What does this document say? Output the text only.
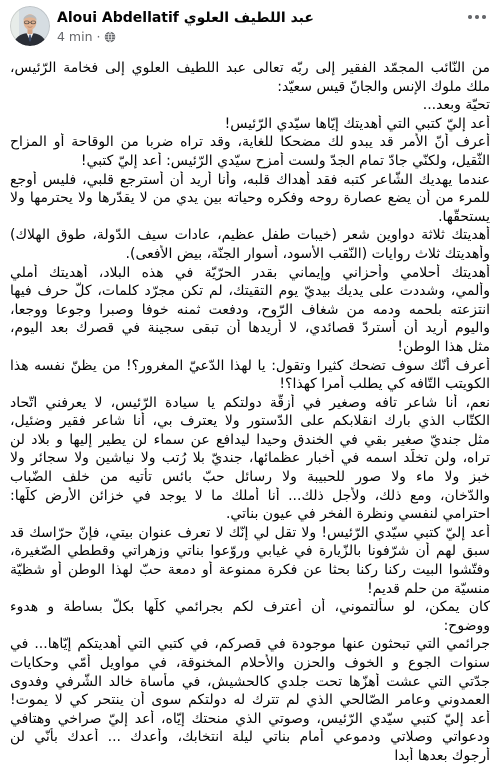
Aloui Abdellatif عبد اللطيف العلوي
4 min ·
من النّائب المجمّد الفقير إلى ربّه تعالى عبد اللطيف العلوي إلى فخامة الرّئيس،
ملك ملوك الإنس والجانّ قيس سعيّد:
تحيّة وبعد...
أعد إليّ كتبي التي أهديتك إيّاها سيّدي الرّئيس!
أعرف أنّ الأمر قد يبدو لك مضحكا للغاية، وقد تراه ضربا من الوقاحة أو المزاح
الثّقيل، ولكنّي جادّ تمام الجدّ ولست أمزح سيّدي الرّئيس: أعد إليّ كتبي!
عندما يهديك الشّاعر كتبه فقد أهداك قلبه، وأنا أريد أن أسترجع قلبي، فليس أوجع
للمرء من أن يضع عصارة روحه وفكره وحياته بين يدي من لا يقدّرها ولا يحترمها ولا
يستحقّها.
أهديتك ثلاثة دواوين شعر (خيبات طفل عظيم، عادات سيف الدّولة، طوق الهلاك)
وأهديتك ثلاث روايات (النّقب الأسود، أسوار الجنّة، بيض الأفعى).
أهديتك أحلامي وأحزاني وإيماني بقدر الحرّيّة في هذه البلاد، أهديتك أملي
وألمي، وشددت على يديك بيديّ يوم التقيتك، لم تكن مجرّد كلمات، كلّ حرف فيها
انتزعته بلحمه ودمه من شغاف الرّوح، ودفعت ثمنه خوفا وصبرا وجوعا ووجعا،
واليوم أريد أن أستردّ قصائدي، لا أريدها أن تبقى سجينة في قصرك بعد اليوم،
مثل هذا الوطن!
أعرف أنّك سوف تضحك كثيرا وتقول: يا لهذا الدّعيّ المغرور؟! من يظنّ نفسه هذا
الكويتب التّافه كي يطلب أمرا كهذا؟!
نعم، أنا شاعر تافه وصغير في أزقّة دولتكم يا سيادة الرّئيس، لا يعرفني اتّحاد
الكتّاب الذي بارك انقلابكم على الدّستور ولا يعترف بي، أنا شاعر فقير وضئيل،
مثل جنديّ صغير بقي في الخندق وحيدا ليدافع عن سماء لن يطير إليها و بلاد لن
تراه، ولن تخلّد اسمه في أخبار عظمائها، جنديّ بلا رُتب ولا نياشين ولا سجائر ولا
خبز ولا ماء ولا صور للحبيبة ولا رسائل حبّ بائس تأتيه من خلف الضّباب
والدّخان، ومع ذلك، ولأجل ذلك... أنا أملك ما لا يوجد في خزائن الأرض كلّها:
احترامي لنفسي ونظرة الفخر في عيون بناتي.
أعد إليّ كتبي سيّدي الرّئيس! ولا تقل لي إنّك لا تعرف عنوان بيتي، فإنّ حرّاسك قد
سبق لهم أن شرّفونا بالزّيارة في غيابي وروّعوا بناتي وزهراتي وقططي الصّغيرة،
وفتّشوا البيت ركنا ركنا بحثا عن فكرة ممنوعة أو دمعة حبّ لهذا الوطن أو شظيّة
منسيّة من حلم قديم!
كان يمكن، لو سألتموني، أن أعترف لكم بجرائمي كلّها بكلّ بساطة و هدوء
ووضوح:
جرائمي التي تبحثون عنها موجودة في قصركم، في كتبي التي أهديتكم إيّاها... في
سنوات الجوع و الخوف والحزن والأحلام المخنوقة، في مواويل أمّي وحكايات
جدّتي التي عشت أهزّها تحت جلدي كالحشيش، في مأساة خالد الشّرفي وفدوى
العمدوني وعامر الصّالحي الذي لم تترك له دولتكم سوى أن ينتحر كي لا يموت!
أعد إليّ كتبي سيّدي الرّئيس، وصوتي الذي منحتك إيّاه، أعد إليّ صراخي وهتافي
ودعواتي وصلاتي ودموعي أمام بناتي ليلة انتخابك، وأعدك ... أعدك بأنّي لن
أرجوك بعدها أبدا
